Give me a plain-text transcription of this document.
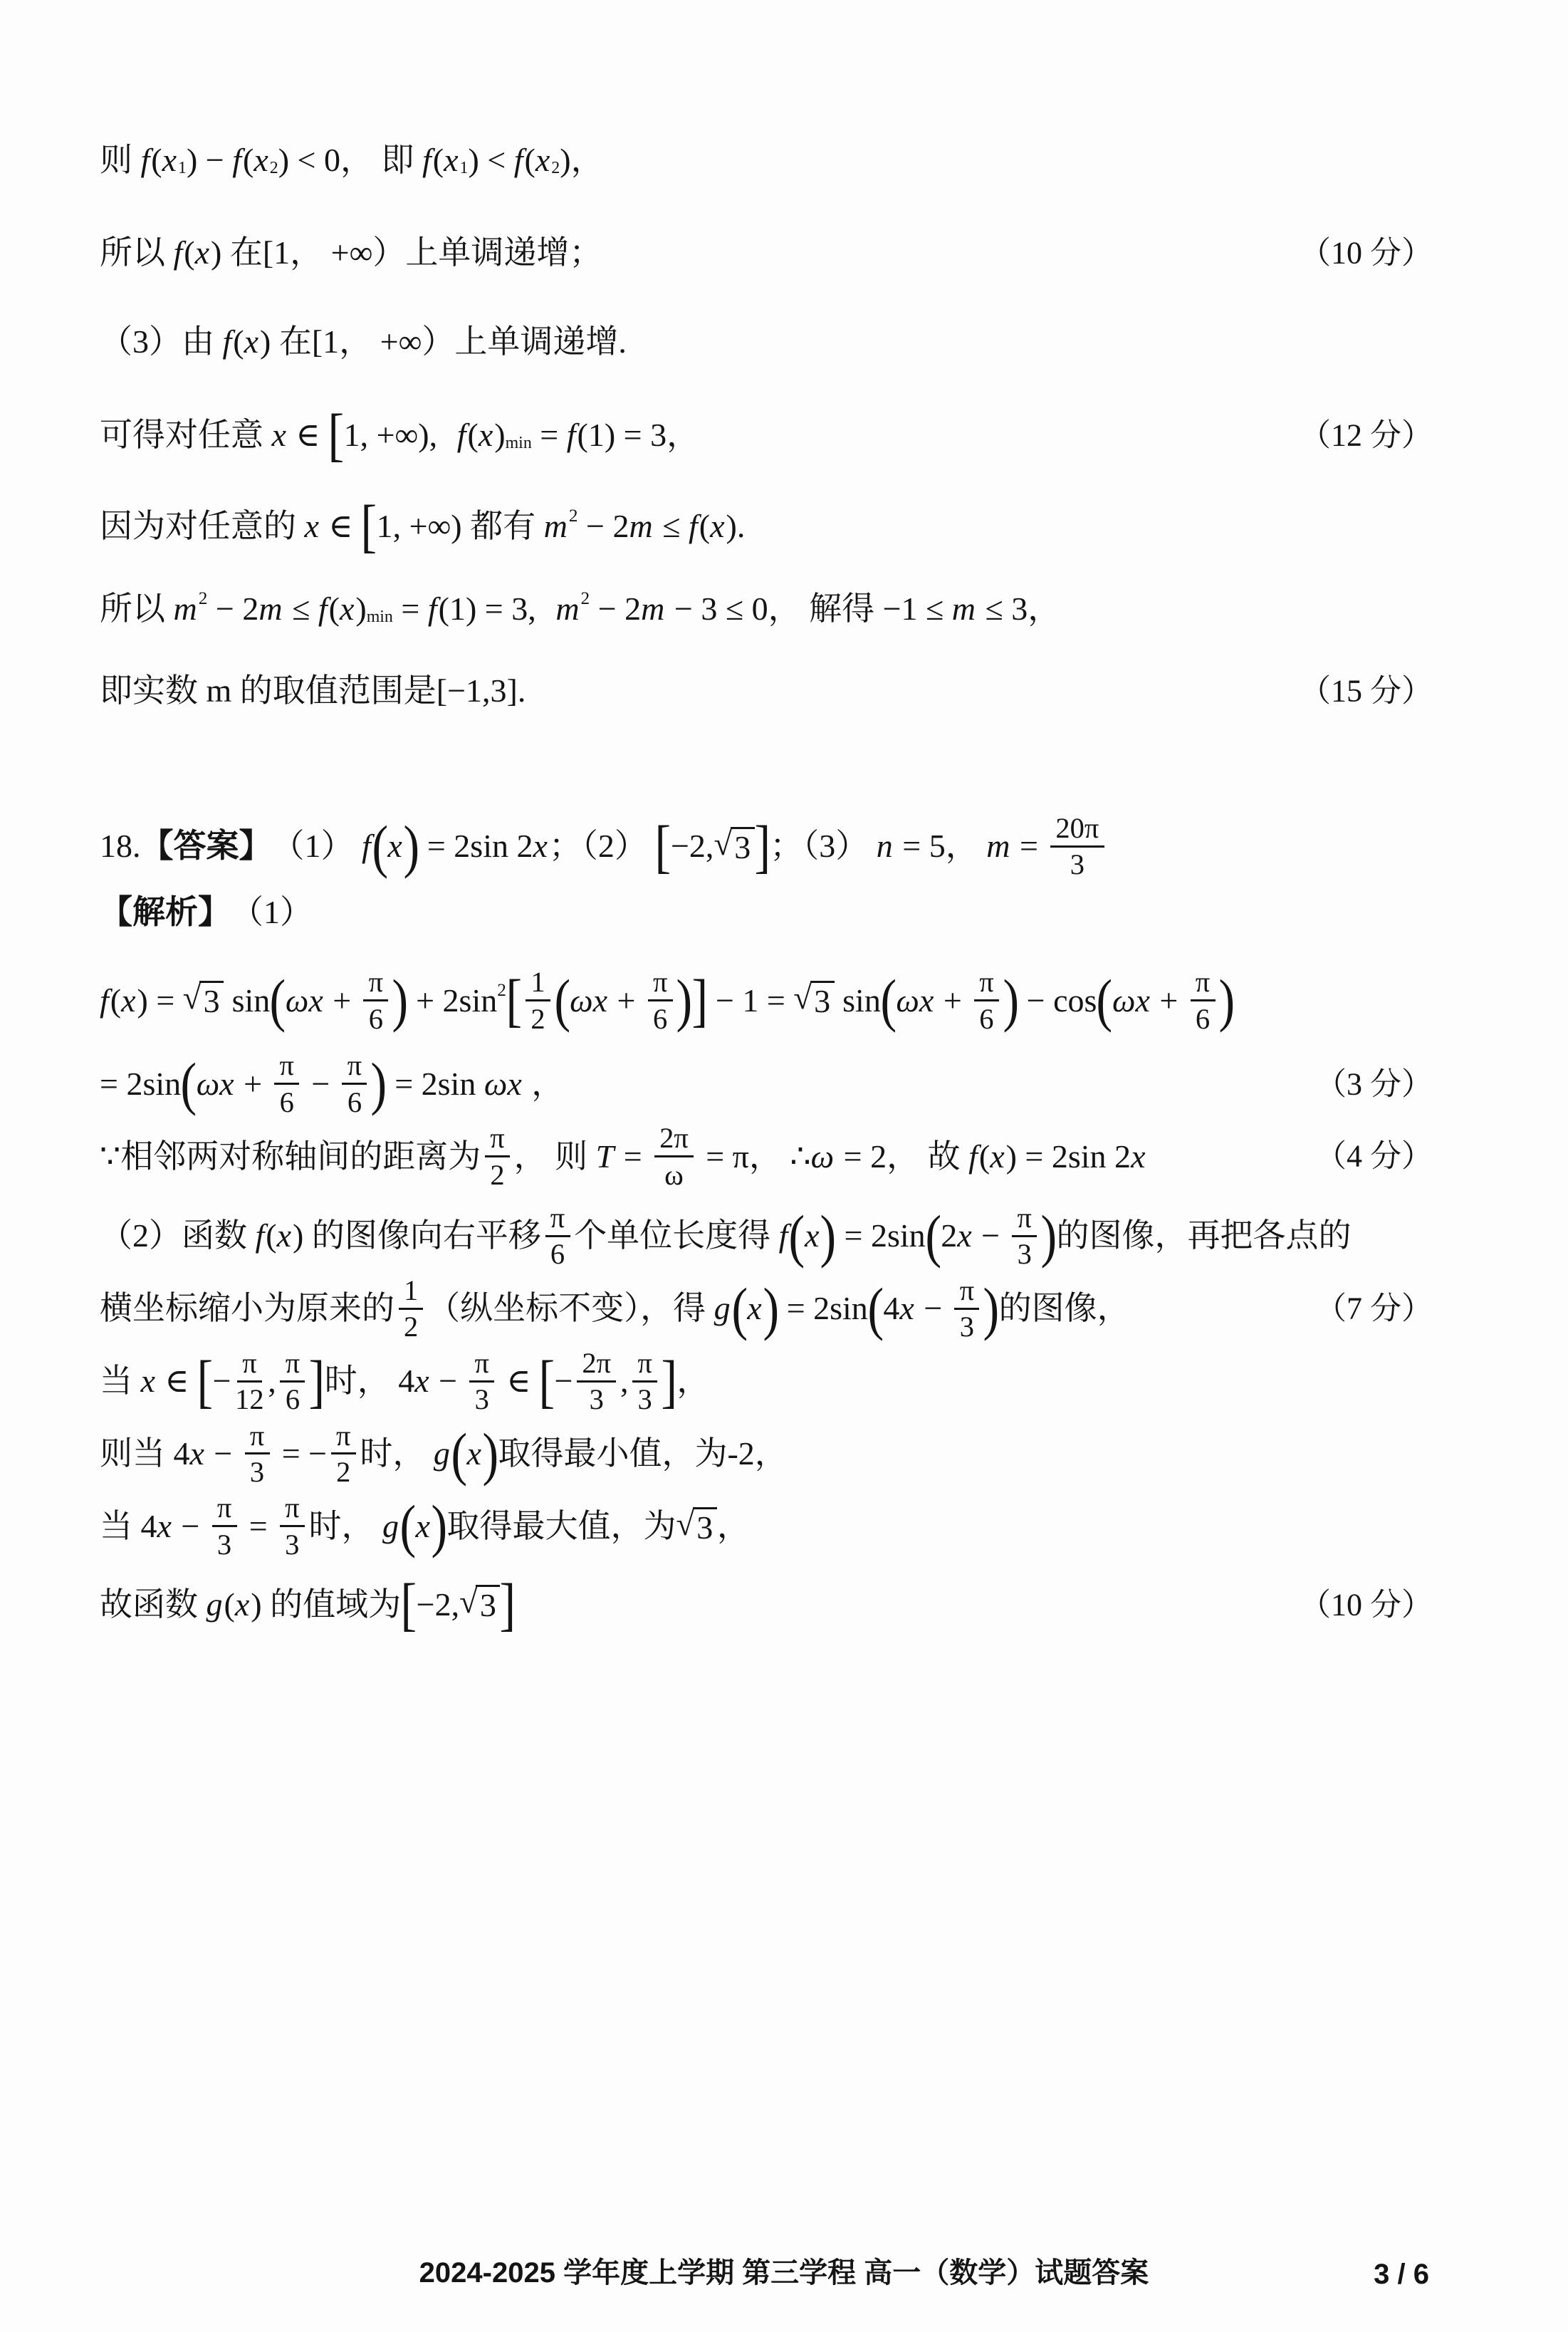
则 f ( x 1 ) − f ( x 2 ) < 0 ， 即 f ( x 1 ) < f ( x 2 ) ，
所以 f ( x ) 在[1， +∞）上单调递增；	（10 分）
（3）由 f ( x ) 在[1， +∞）上单调递增.
可得对任意 x ∈ [ 1, +∞),
f ( x ) min = f (1) = 3 ，	（12 分）
因为对任意的 x ∈ [ 1, +∞) 都有 m 2 − 2 m ≤ f ( x ) .
所以 m 2 − 2 m ≤ f ( x ) min = f (1) = 3,
m 2 − 2 m − 3 ≤ 0 ， 解得 −1 ≤ m ≤ 3 ，
即实数 m 的取值范围是[−1,3].	（15 分）
18. 【答案】 （1） f ( x ) = 2sin 2 x ；（2） [ −2, √ 3 ] ；（3） n = 5 ， $m = \frac{20\pi}{3}$
【解析】 （1）
f ( x ) = √ 3 sin ( $\omega x + \frac{\pi}{6}$ ) + 2sin 2 [ $\frac{1}{2}$ ( $\omega x + \frac{\pi}{6}$ )
] − 1 = √ 3 sin ( $\omega x + \frac{\pi}{6}$ ) − cos ( $\omega x + \frac{\pi}{6}$ )
= 2sin ( $\omega x + \frac{\pi}{6} - \frac{\pi}{6}$ ) = 2sin ωx ，	（3 分）
∵ 相邻两对称轴间的距离为 $\frac{\pi}{2}$ ， 则 $T = \frac{2\pi}{\omega} = \pi$ ， ∴ ω = 2 ， 故 f ( x ) = 2sin 2 x	（4 分）
（2）函数 f ( x ) 的图像向右平移 $\frac{\pi}{6}$ 个单位长度得 f ( x ) = 2sin ( 2 $x - \frac{\pi}{3}$ ) 的图像，再把各点的
横坐标缩小为原来的 $\frac{1}{2}$ （纵坐标不变），得 g ( x ) = 2sin ( 4 $x - \frac{\pi}{3}$ ) 的图像，	（7 分）
当 x ∈ [ − $\frac{\pi}{12}$ , $\frac{\pi}{6}$ ] 时， 4 $x - \frac{\pi}{3}$ ∈ [ − $\frac{2\pi}{3}$ , $\frac{\pi}{3}$ ] ，
则当 4 $x - \frac{\pi}{3}$ = − $\frac{\pi}{2}$ 时， g ( x ) 取得最小值，为-2，
当 4 $x - \frac{\pi}{3} = \frac{\pi}{3}$ 时， g ( x ) 取得最大值，为 √ 3 ，
故函数 g ( x ) 的值域为 [ −2, √ 3 ]	（10 分）
2024-2025 学年度上学期 第三学程 高一（数学）试题答案	3 / 6
